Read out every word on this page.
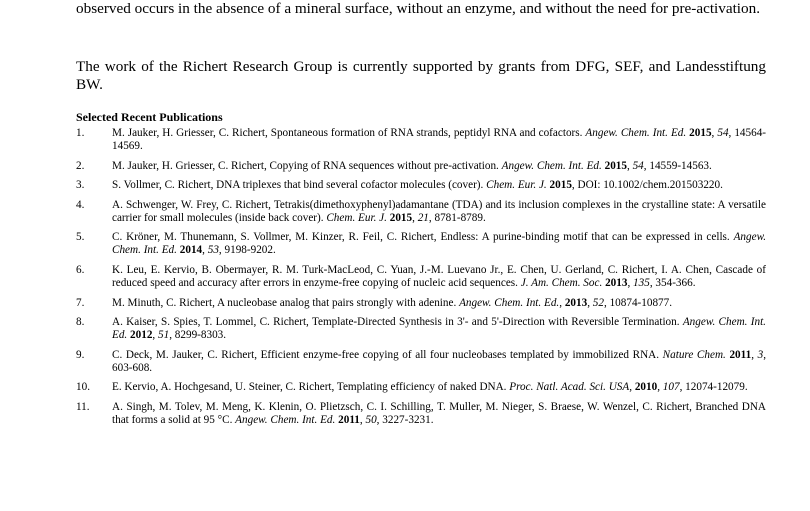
observed occurs in the absence of a mineral surface, without an enzyme, and without the need for pre-activation.

The work of the Richert Research Group is currently supported by grants from DFG, SEF, and Landesstiftung BW.

Selected Recent Publications
1. M. Jauker, H. Griesser, C. Richert, Spontaneous formation of RNA strands, peptidyl RNA and cofactors. Angew. Chem. Int. Ed. 2015, 54, 14564-14569.
2. M. Jauker, H. Griesser, C. Richert, Copying of RNA sequences without pre-activation. Angew. Chem. Int. Ed. 2015, 54, 14559-14563.
3. S. Vollmer, C. Richert, DNA triplexes that bind several cofactor molecules (cover). Chem. Eur. J. 2015, DOI: 10.1002/chem.201503220.
4. A. Schwenger, W. Frey, C. Richert, Tetrakis(dimethoxyphenyl)adamantane (TDA) and its inclusion complexes in the crystalline state: A versatile carrier for small molecules (inside back cover). Chem. Eur. J. 2015, 21, 8781-8789.
5. C. Kröner, M. Thunemann, S. Vollmer, M. Kinzer, R. Feil, C. Richert, Endless: A purine-binding motif that can be expressed in cells. Angew. Chem. Int. Ed. 2014, 53, 9198-9202.
6. K. Leu, E. Kervio, B. Obermayer, R. M. Turk-MacLeod, C. Yuan, J.-M. Luevano Jr., E. Chen, U. Gerland, C. Richert, I. A. Chen, Cascade of reduced speed and accuracy after errors in enzyme-free copying of nucleic acid sequences. J. Am. Chem. Soc. 2013, 135, 354-366.
7. M. Minuth, C. Richert, A nucleobase analog that pairs strongly with adenine. Angew. Chem. Int. Ed., 2013, 52, 10874-10877.
8. A. Kaiser, S. Spies, T. Lommel, C. Richert, Template-Directed Synthesis in 3'- and 5'-Direction with Reversible Termination. Angew. Chem. Int. Ed. 2012, 51, 8299-8303.
9. C. Deck, M. Jauker, C. Richert, Efficient enzyme-free copying of all four nucleobases templated by immobilized RNA. Nature Chem. 2011, 3, 603-608.
10. E. Kervio, A. Hochgesand, U. Steiner, C. Richert, Templating efficiency of naked DNA. Proc. Natl. Acad. Sci. USA, 2010, 107, 12074-12079.
11. A. Singh, M. Tolev, M. Meng, K. Klenin, O. Plietzsch, C. I. Schilling, T. Muller, M. Nieger, S. Braese, W. Wenzel, C. Richert, Branched DNA that forms a solid at 95 °C. Angew. Chem. Int. Ed. 2011, 50, 3227-3231.
